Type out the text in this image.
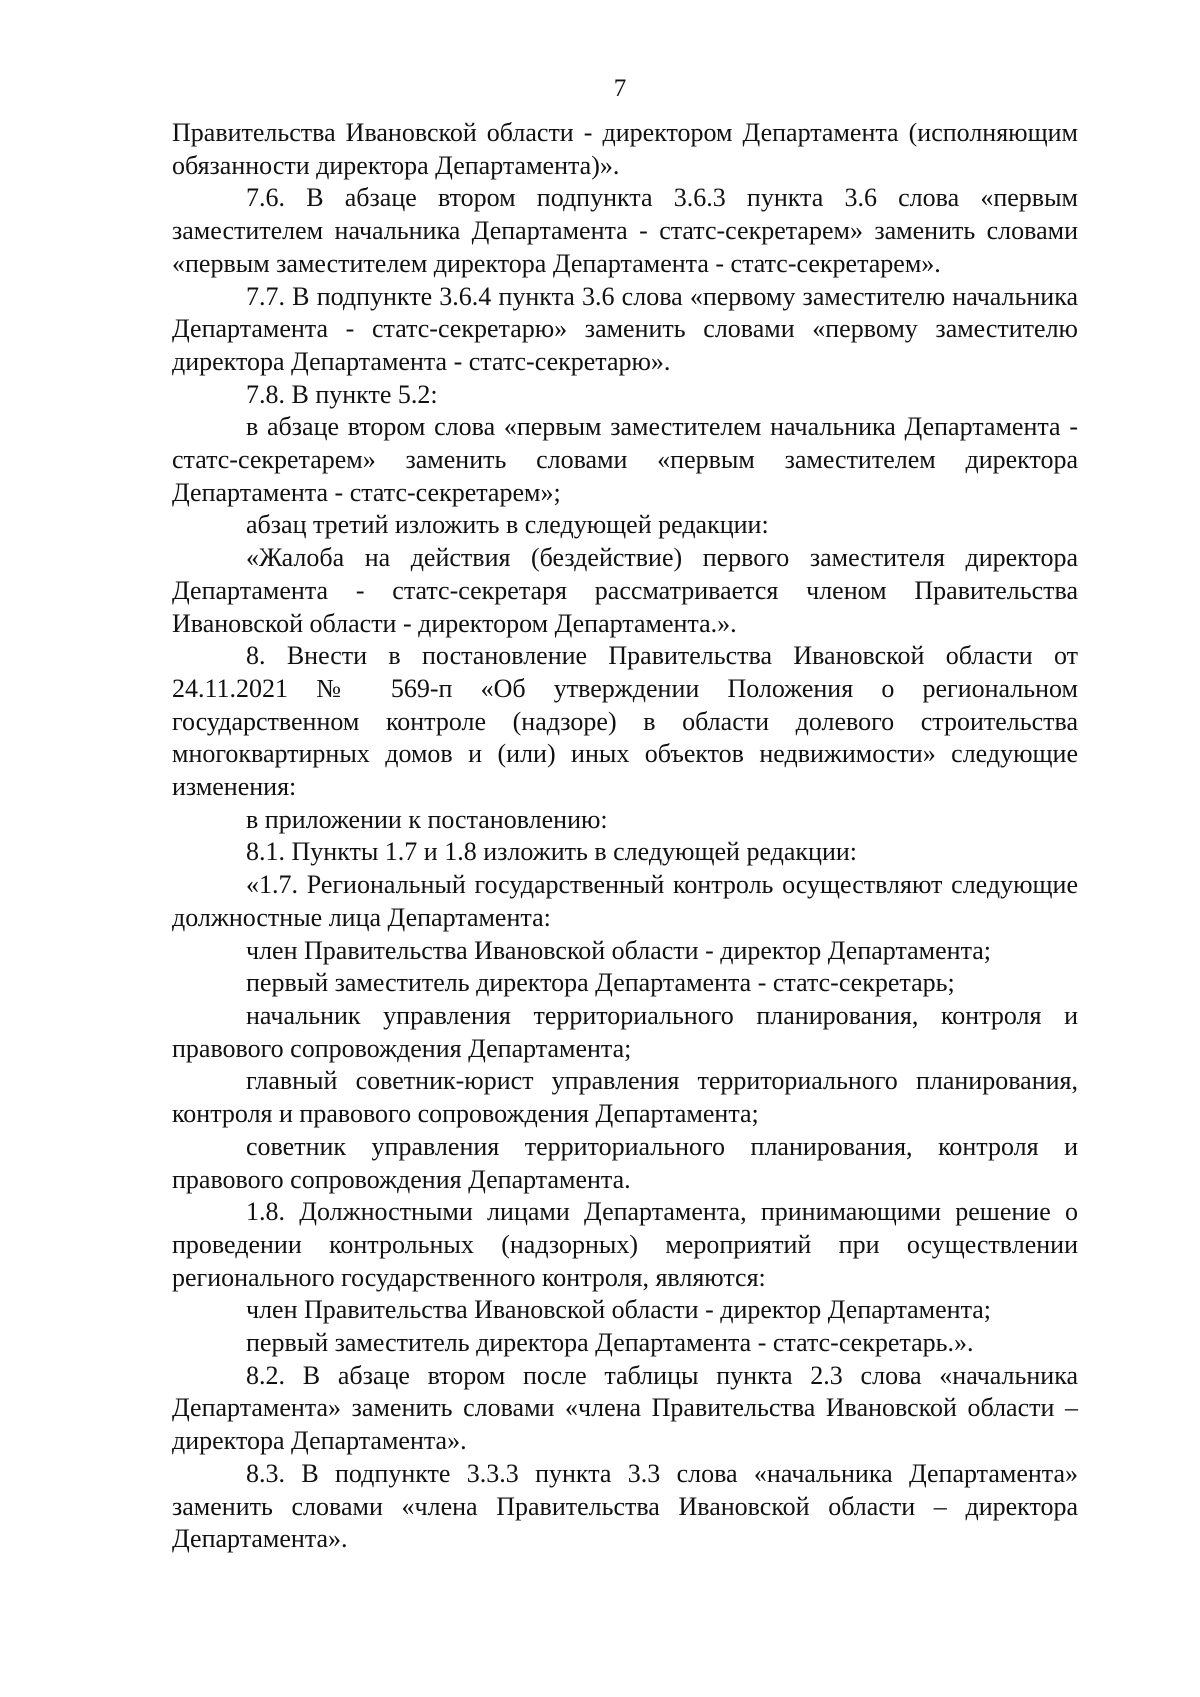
7

Правительства Ивановской области - директором Департамента (исполняющим обязанности директора Департамента)».

7.6. В абзаце втором подпункта 3.6.3 пункта 3.6 слова «первым заместителем начальника Департамента - статс-секретарем» заменить словами «первым заместителем директора Департамента - статс-секретарем».

7.7. В подпункте 3.6.4 пункта 3.6 слова «первому заместителю начальника Департамента - статс-секретарю» заменить словами «первому заместителю директора Департамента - статс-секретарю».

7.8. В пункте 5.2:

в абзаце втором слова «первым заместителем начальника Департамента - статс-секретарем» заменить словами «первым заместителем директора Департамента - статс-секретарем»;

абзац третий изложить в следующей редакции:

«Жалоба на действия (бездействие) первого заместителя директора Департамента - статс-секретаря рассматривается членом Правительства Ивановской области - директором Департамента.».

8. Внести в постановление Правительства Ивановской области от 24.11.2021 № 569-п «Об утверждении Положения о региональном государственном контроле (надзоре) в области долевого строительства многоквартирных домов и (или) иных объектов недвижимости» следующие изменения:

в приложении к постановлению:

8.1. Пункты 1.7 и 1.8 изложить в следующей редакции:

«1.7. Региональный государственный контроль осуществляют следующие должностные лица Департамента:

член Правительства Ивановской области - директор Департамента;

первый заместитель директора Департамента - статс-секретарь;

начальник управления территориального планирования, контроля и правового сопровождения Департамента;

главный советник-юрист управления территориального планирования, контроля и правового сопровождения Департамента;

советник управления территориального планирования, контроля и правового сопровождения Департамента.

1.8. Должностными лицами Департамента, принимающими решение о проведении контрольных (надзорных) мероприятий при осуществлении регионального государственного контроля, являются:

член Правительства Ивановской области - директор Департамента;

первый заместитель директора Департамента - статс-секретарь.».

8.2. В абзаце втором после таблицы пункта 2.3 слова «начальника Департамента» заменить словами «члена Правительства Ивановской области – директора Департамента».

8.3. В подпункте 3.3.3 пункта 3.3 слова «начальника Департамента» заменить словами «члена Правительства Ивановской области – директора Департамента».
